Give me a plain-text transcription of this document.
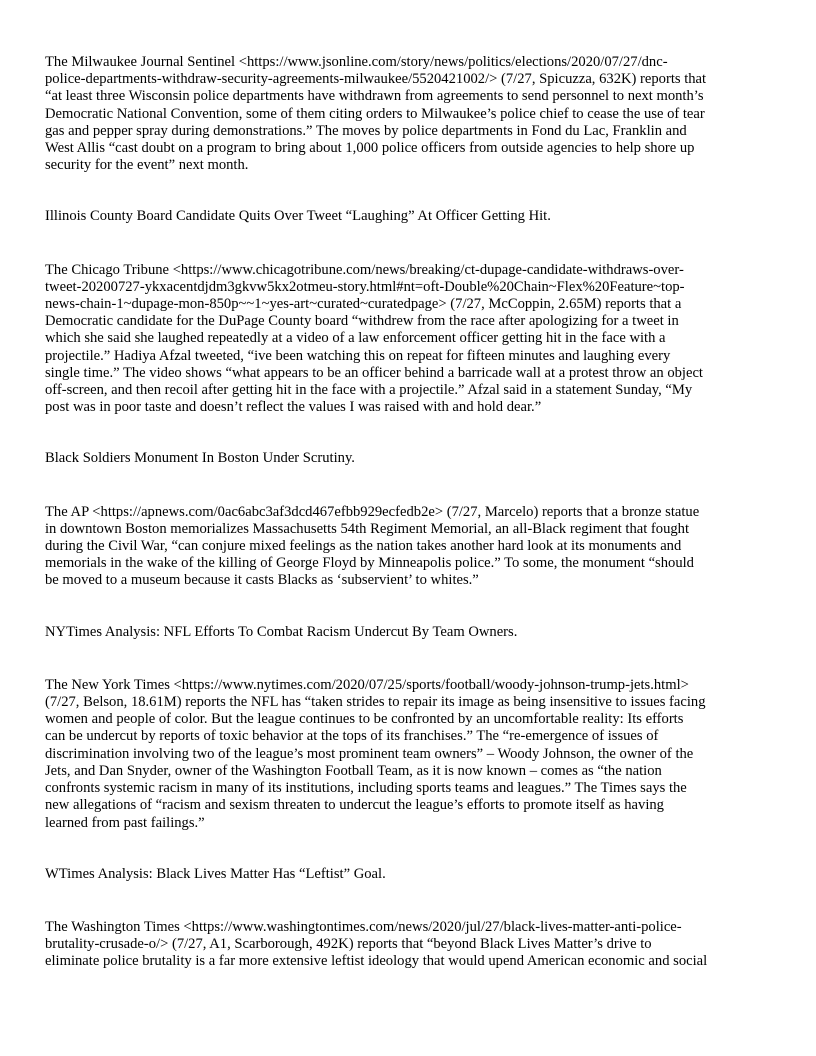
The Milwaukee Journal Sentinel <https://www.jsonline.com/story/news/politics/elections/2020/07/27/dnc-
police-departments-withdraw-security-agreements-milwaukee/5520421002/> (7/27, Spicuzza, 632K) reports that
“at least three Wisconsin police departments have withdrawn from agreements to send personnel to next month’s
Democratic National Convention, some of them citing orders to Milwaukee’s police chief to cease the use of tear
gas and pepper spray during demonstrations.” The moves by police departments in Fond du Lac, Franklin and
West Allis “cast doubt on a program to bring about 1,000 police officers from outside agencies to help shore up
security for the event” next month.

Illinois County Board Candidate Quits Over Tweet “Laughing” At Officer Getting Hit.

The Chicago Tribune <https://www.chicagotribune.com/news/breaking/ct-dupage-candidate-withdraws-over-
tweet-20200727-ykxacentdjdm3gkvw5kx2otmeu-story.html#nt=oft-Double%20Chain~Flex%20Feature~top-
news-chain-1~dupage-mon-850p~~1~yes-art~curated~curatedpage> (7/27, McCoppin, 2.65M) reports that a
Democratic candidate for the DuPage County board “withdrew from the race after apologizing for a tweet in
which she said she laughed repeatedly at a video of a law enforcement officer getting hit in the face with a
projectile.” Hadiya Afzal tweeted, “ive been watching this on repeat for fifteen minutes and laughing every
single time.” The video shows “what appears to be an officer behind a barricade wall at a protest throw an object
off-screen, and then recoil after getting hit in the face with a projectile.” Afzal said in a statement Sunday, “My
post was in poor taste and doesn’t reflect the values I was raised with and hold dear.”

Black Soldiers Monument In Boston Under Scrutiny.

The AP <https://apnews.com/0ac6abc3af3dcd467efbb929ecfedb2e> (7/27, Marcelo) reports that a bronze statue
in downtown Boston memorializes Massachusetts 54th Regiment Memorial, an all-Black regiment that fought
during the Civil War, “can conjure mixed feelings as the nation takes another hard look at its monuments and
memorials in the wake of the killing of George Floyd by Minneapolis police.” To some, the monument “should
be moved to a museum because it casts Blacks as ‘subservient’ to whites.”

NYTimes Analysis: NFL Efforts To Combat Racism Undercut By Team Owners.

The New York Times <https://www.nytimes.com/2020/07/25/sports/football/woody-johnson-trump-jets.html>
(7/27, Belson, 18.61M) reports the NFL has “taken strides to repair its image as being insensitive to issues facing
women and people of color. But the league continues to be confronted by an uncomfortable reality: Its efforts
can be undercut by reports of toxic behavior at the tops of its franchises.” The “re-emergence of issues of
discrimination involving two of the league’s most prominent team owners” – Woody Johnson, the owner of the
Jets, and Dan Snyder, owner of the Washington Football Team, as it is now known – comes as “the nation
confronts systemic racism in many of its institutions, including sports teams and leagues.” The Times says the
new allegations of “racism and sexism threaten to undercut the league’s efforts to promote itself as having
learned from past failings.”

WTimes Analysis: Black Lives Matter Has “Leftist” Goal.

The Washington Times <https://www.washingtontimes.com/news/2020/jul/27/black-lives-matter-anti-police-
brutality-crusade-o/> (7/27, A1, Scarborough, 492K) reports that “beyond Black Lives Matter’s drive to
eliminate police brutality is a far more extensive leftist ideology that would upend American economic and social
